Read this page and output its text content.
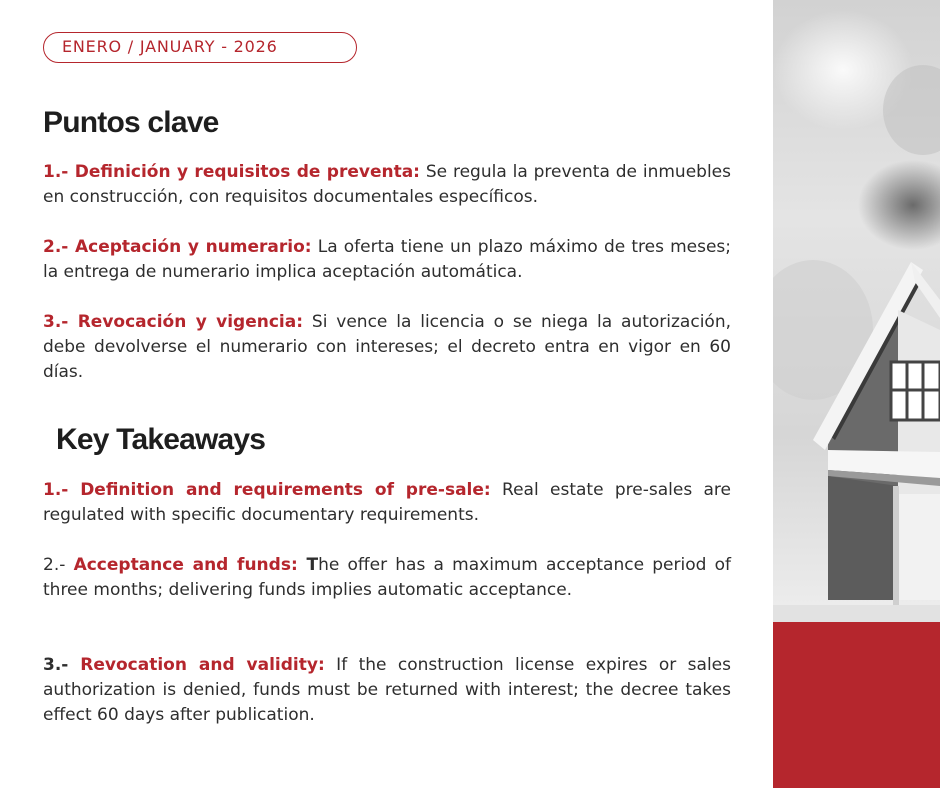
ENERO / JANUARY - 2026
Puntos clave

1.- Definición y requisitos de preventa: Se regula la preventa de inmuebles en construcción, con requisitos documentales específicos.

2.- Aceptación y numerario: La oferta tiene un plazo máximo de tres meses; la entrega de numerario implica aceptación automática.

3.- Revocación y vigencia: Si vence la licencia o se niega la autorización, debe devolverse el numerario con intereses; el decreto entra en vigor en 60 días.

Key Takeaways

1.- Definition and requirements of pre-sale: Real estate pre-sales are regulated with specific documentary requirements.

2.- Acceptance and funds: The offer has a maximum acceptance period of three months; delivering funds implies automatic acceptance.

3.- Revocation and validity: If the construction license expires or sales authorization is denied, funds must be returned with interest; the decree takes effect 60 days after publication.
